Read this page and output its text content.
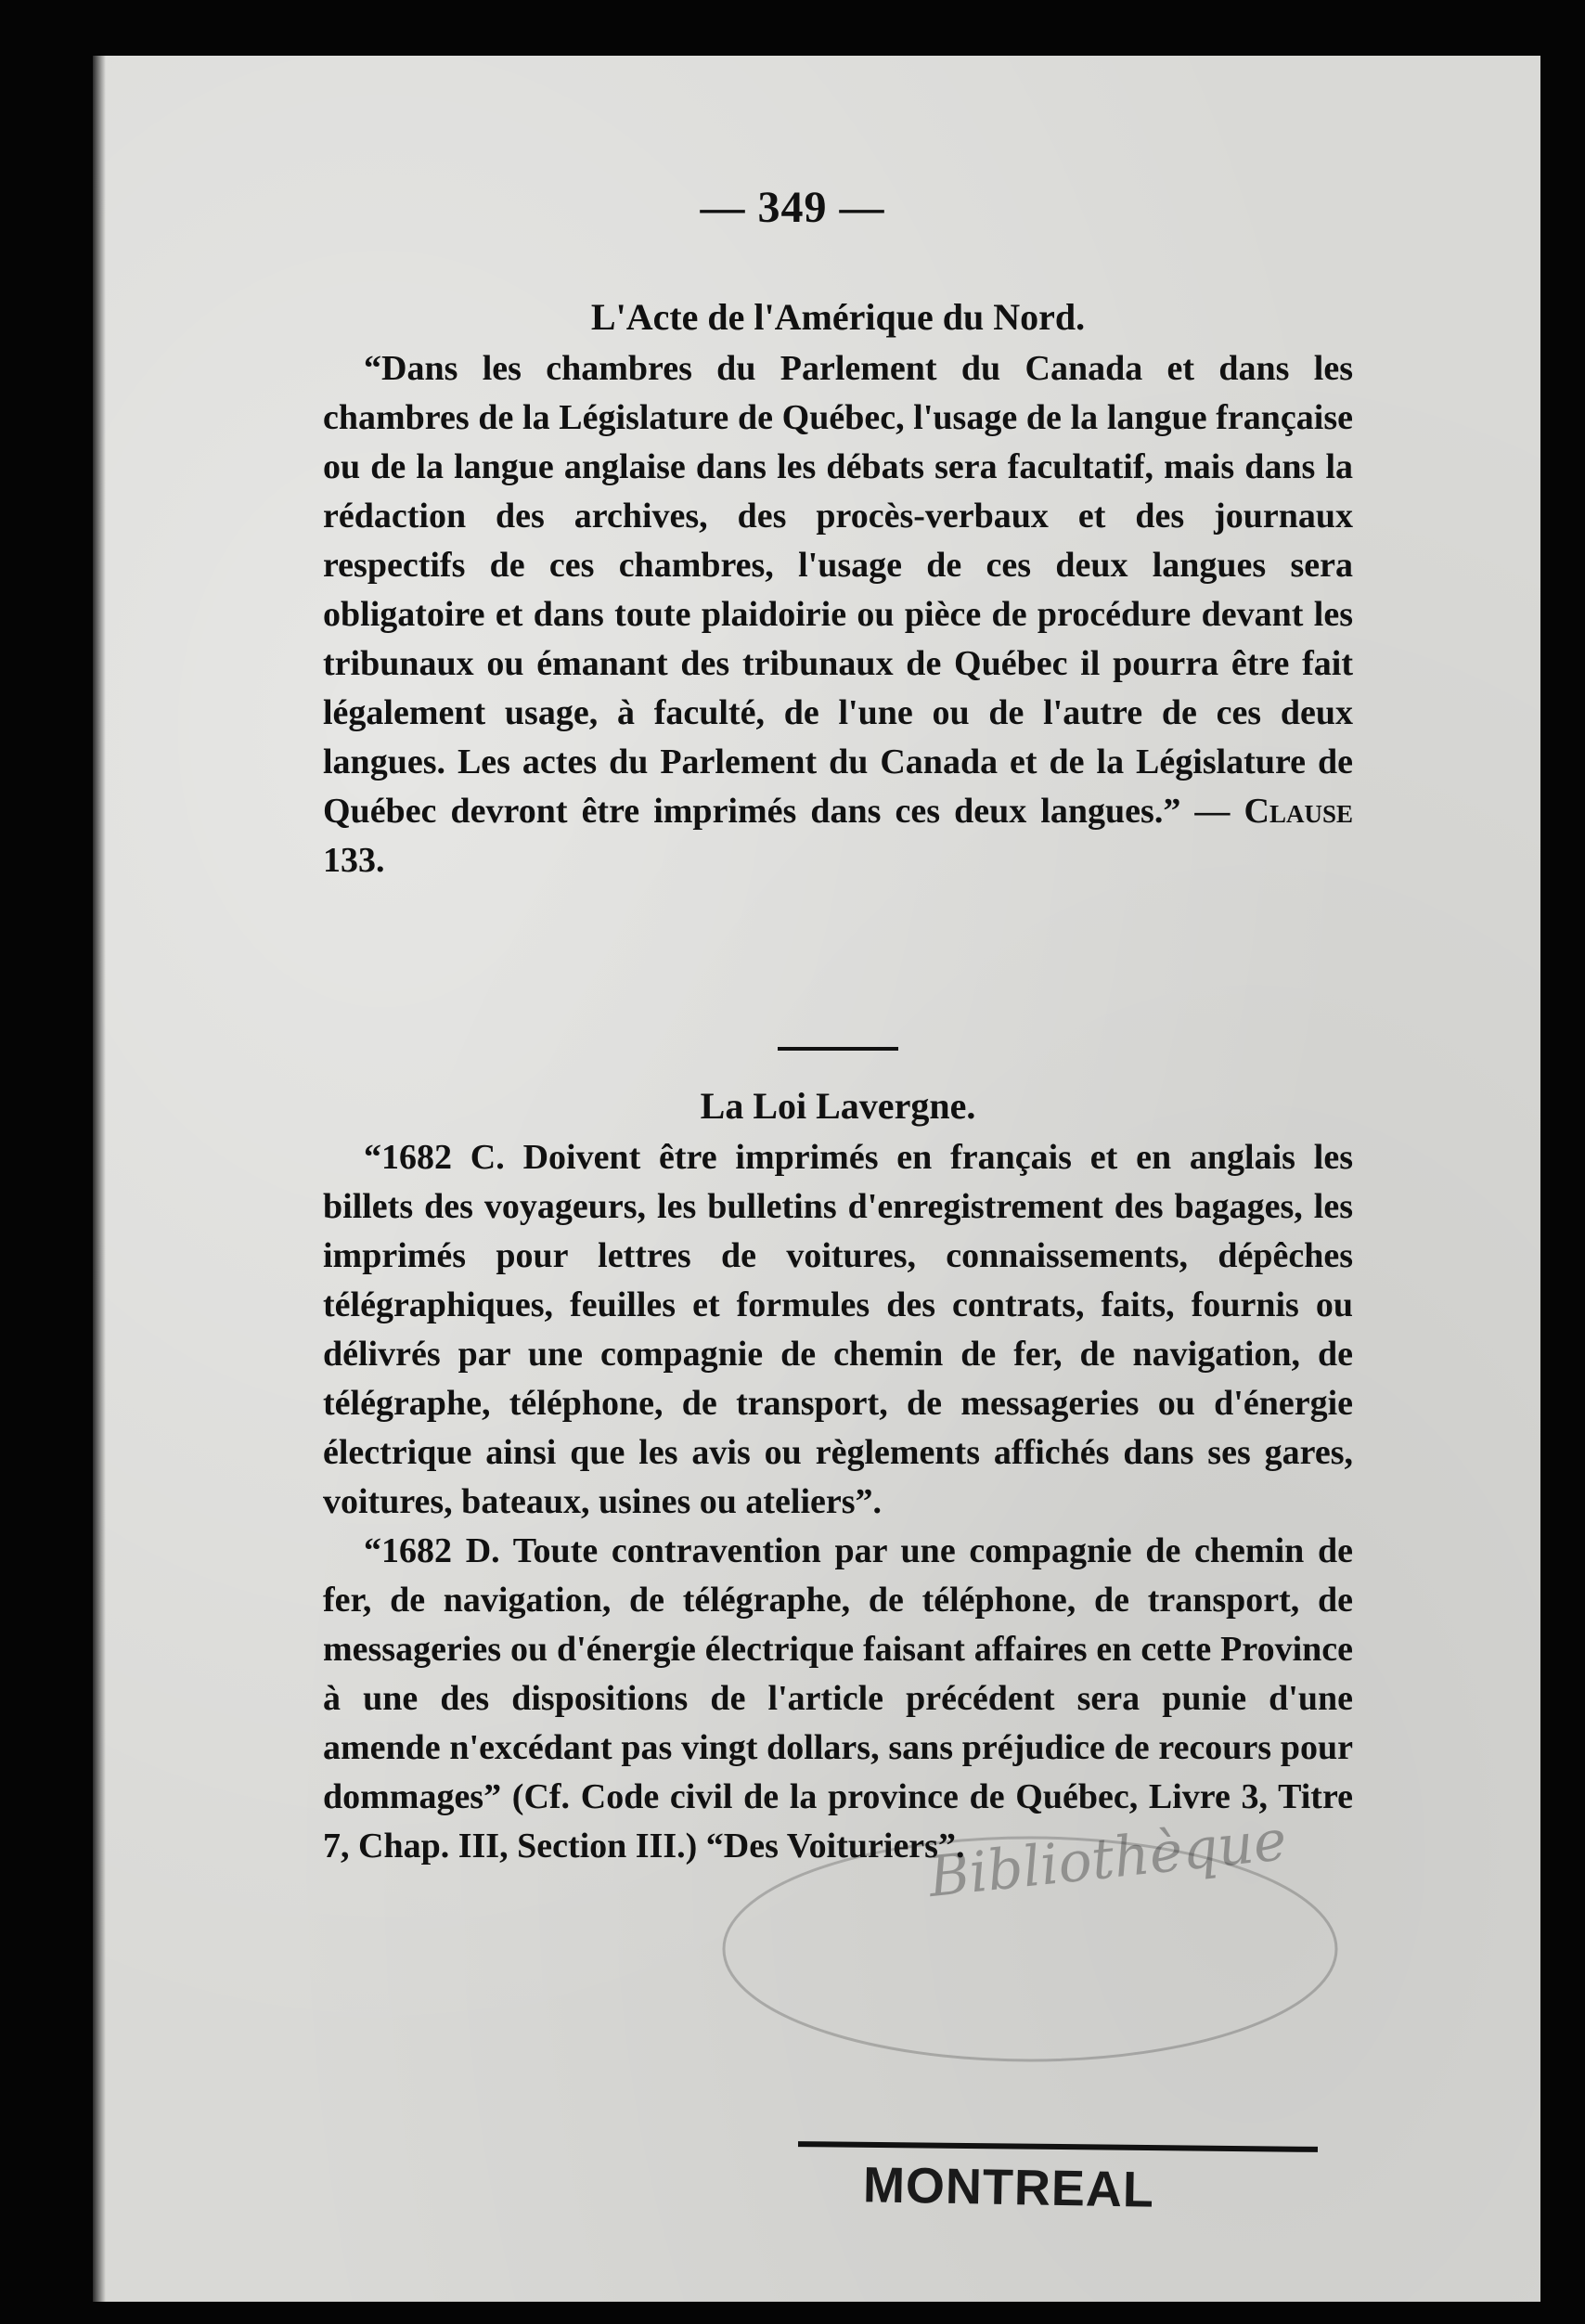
— 349 —
L'Acte de l'Amérique du Nord.

“Dans les chambres du Parlement du Canada et dans les chambres de la Législature de Québec, l'usage de la langue française ou de la langue anglaise dans les débats sera facultatif, mais dans la rédaction des archives, des procès-verbaux et des journaux respectifs de ces chambres, l'usage de ces deux langues sera obligatoire et dans toute plaidoirie ou pièce de procédure devant les tribunaux ou émanant des tribunaux de Québec il pourra être fait légalement usage, à faculté, de l'une ou de l'autre de ces deux langues. Les actes du Parlement du Canada et de la Législature de Québec devront être imprimés dans ces deux langues.” — Clause 133.

La Loi Lavergne.

“1682 C. Doivent être imprimés en français et en anglais les billets des voyageurs, les bulletins d'enregistrement des bagages, les imprimés pour lettres de voitures, connaissements, dépêches télégraphiques, feuilles et formules des contrats, faits, fournis ou délivrés par une compagnie de chemin de fer, de navigation, de télégraphe, téléphone, de transport, de messageries ou d'énergie électrique ainsi que les avis ou règlements affichés dans ses gares, voitures, bateaux, usines ou ateliers”.

“1682 D. Toute contravention par une compagnie de chemin de fer, de navigation, de télégraphe, de téléphone, de transport, de messageries ou d'énergie électrique faisant affaires en cette Province à une des dispositions de l'article précédent sera punie d'une amende n'excédant pas vingt dollars, sans préjudice de recours pour dommages” (Cf. Code civil de la province de Québec, Livre 3, Titre 7, Chap. III, Section III.) “Des Voituriers”.

Bibliothèque
MONTREAL
